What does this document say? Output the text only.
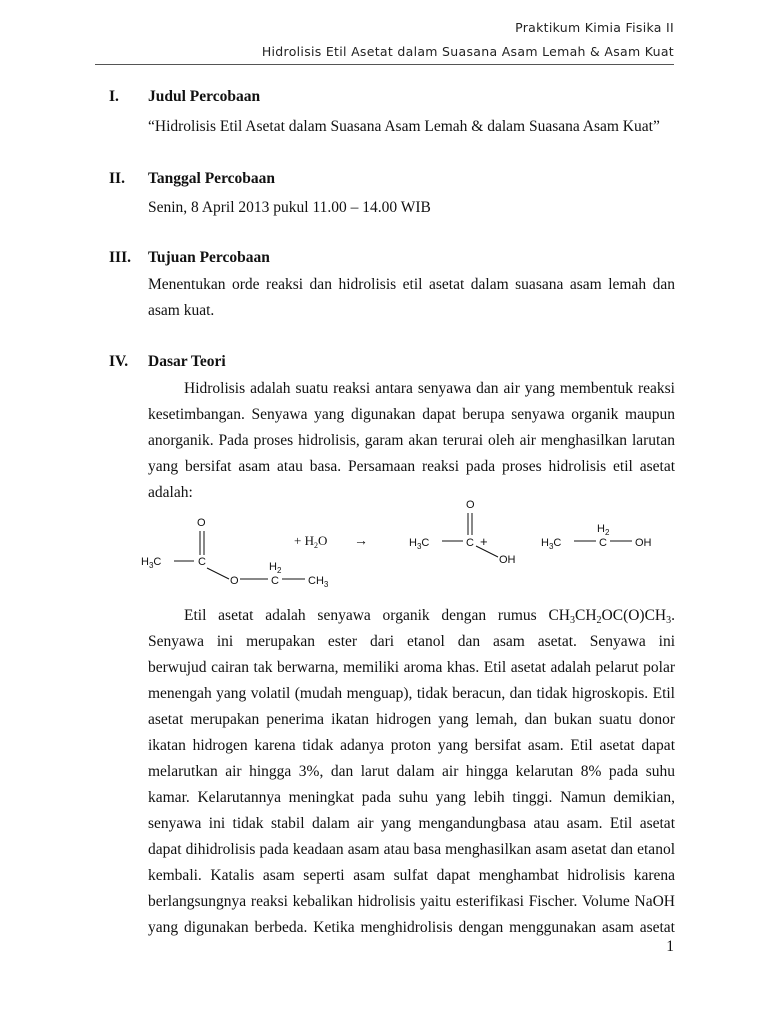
Praktikum Kimia Fisika II
Hidrolisis Etil Asetat dalam Suasana Asam Lemah & Asam Kuat
I. Judul Percobaan
“Hidrolisis Etil Asetat dalam Suasana Asam Lemah & dalam Suasana Asam Kuat”
II. Tanggal Percobaan
Senin, 8 April 2013 pukul 11.00 – 14.00 WIB
III. Tujuan Percobaan
Menentukan orde reaksi dan hidrolisis etil asetat dalam suasana asam lemah dan
asam kuat.
IV. Dasar Teori
Hidrolisis adalah suatu reaksi antara senyawa dan air yang membentuk reaksi
kesetimbangan. Senyawa yang digunakan dapat berupa senyawa organik maupun
anorganik. Pada proses hidrolisis, garam akan terurai oleh air menghasilkan larutan
yang bersifat asam atau basa. Persamaan reaksi pada proses hidrolisis etil asetat
adalah:
O
$H_3C$	C
O
$H_2$
C	$CH_3$
+ $H_2O$ →
O
$H_3C$	C +
OH
$H_3C$
$H_2$
C	OH
Etil asetat adalah senyawa organik dengan rumus $CH_3CH_2OC(O)CH_3$.
Senyawa ini merupakan ester dari etanol dan asam asetat. Senyawa ini
berwujud cairan tak berwarna, memiliki aroma khas. Etil asetat adalah pelarut polar
menengah yang volatil (mudah menguap), tidak beracun, dan tidak higroskopis. Etil
asetat merupakan penerima ikatan hidrogen yang lemah, dan bukan suatu donor
ikatan hidrogen karena tidak adanya proton yang bersifat asam. Etil asetat dapat
melarutkan air hingga 3%, dan larut dalam air hingga kelarutan 8% pada suhu
kamar. Kelarutannya meningkat pada suhu yang lebih tinggi. Namun demikian,
senyawa ini tidak stabil dalam air yang mengandungbasa atau asam. Etil asetat
dapat dihidrolisis pada keadaan asam atau basa menghasilkan asam asetat dan etanol
kembali. Katalis asam seperti asam sulfat dapat menghambat hidrolisis karena
berlangsungnya reaksi kebalikan hidrolisis yaitu esterifikasi Fischer. Volume NaOH
yang digunakan berbeda. Ketika menghidrolisis dengan menggunakan asam asetat
1
